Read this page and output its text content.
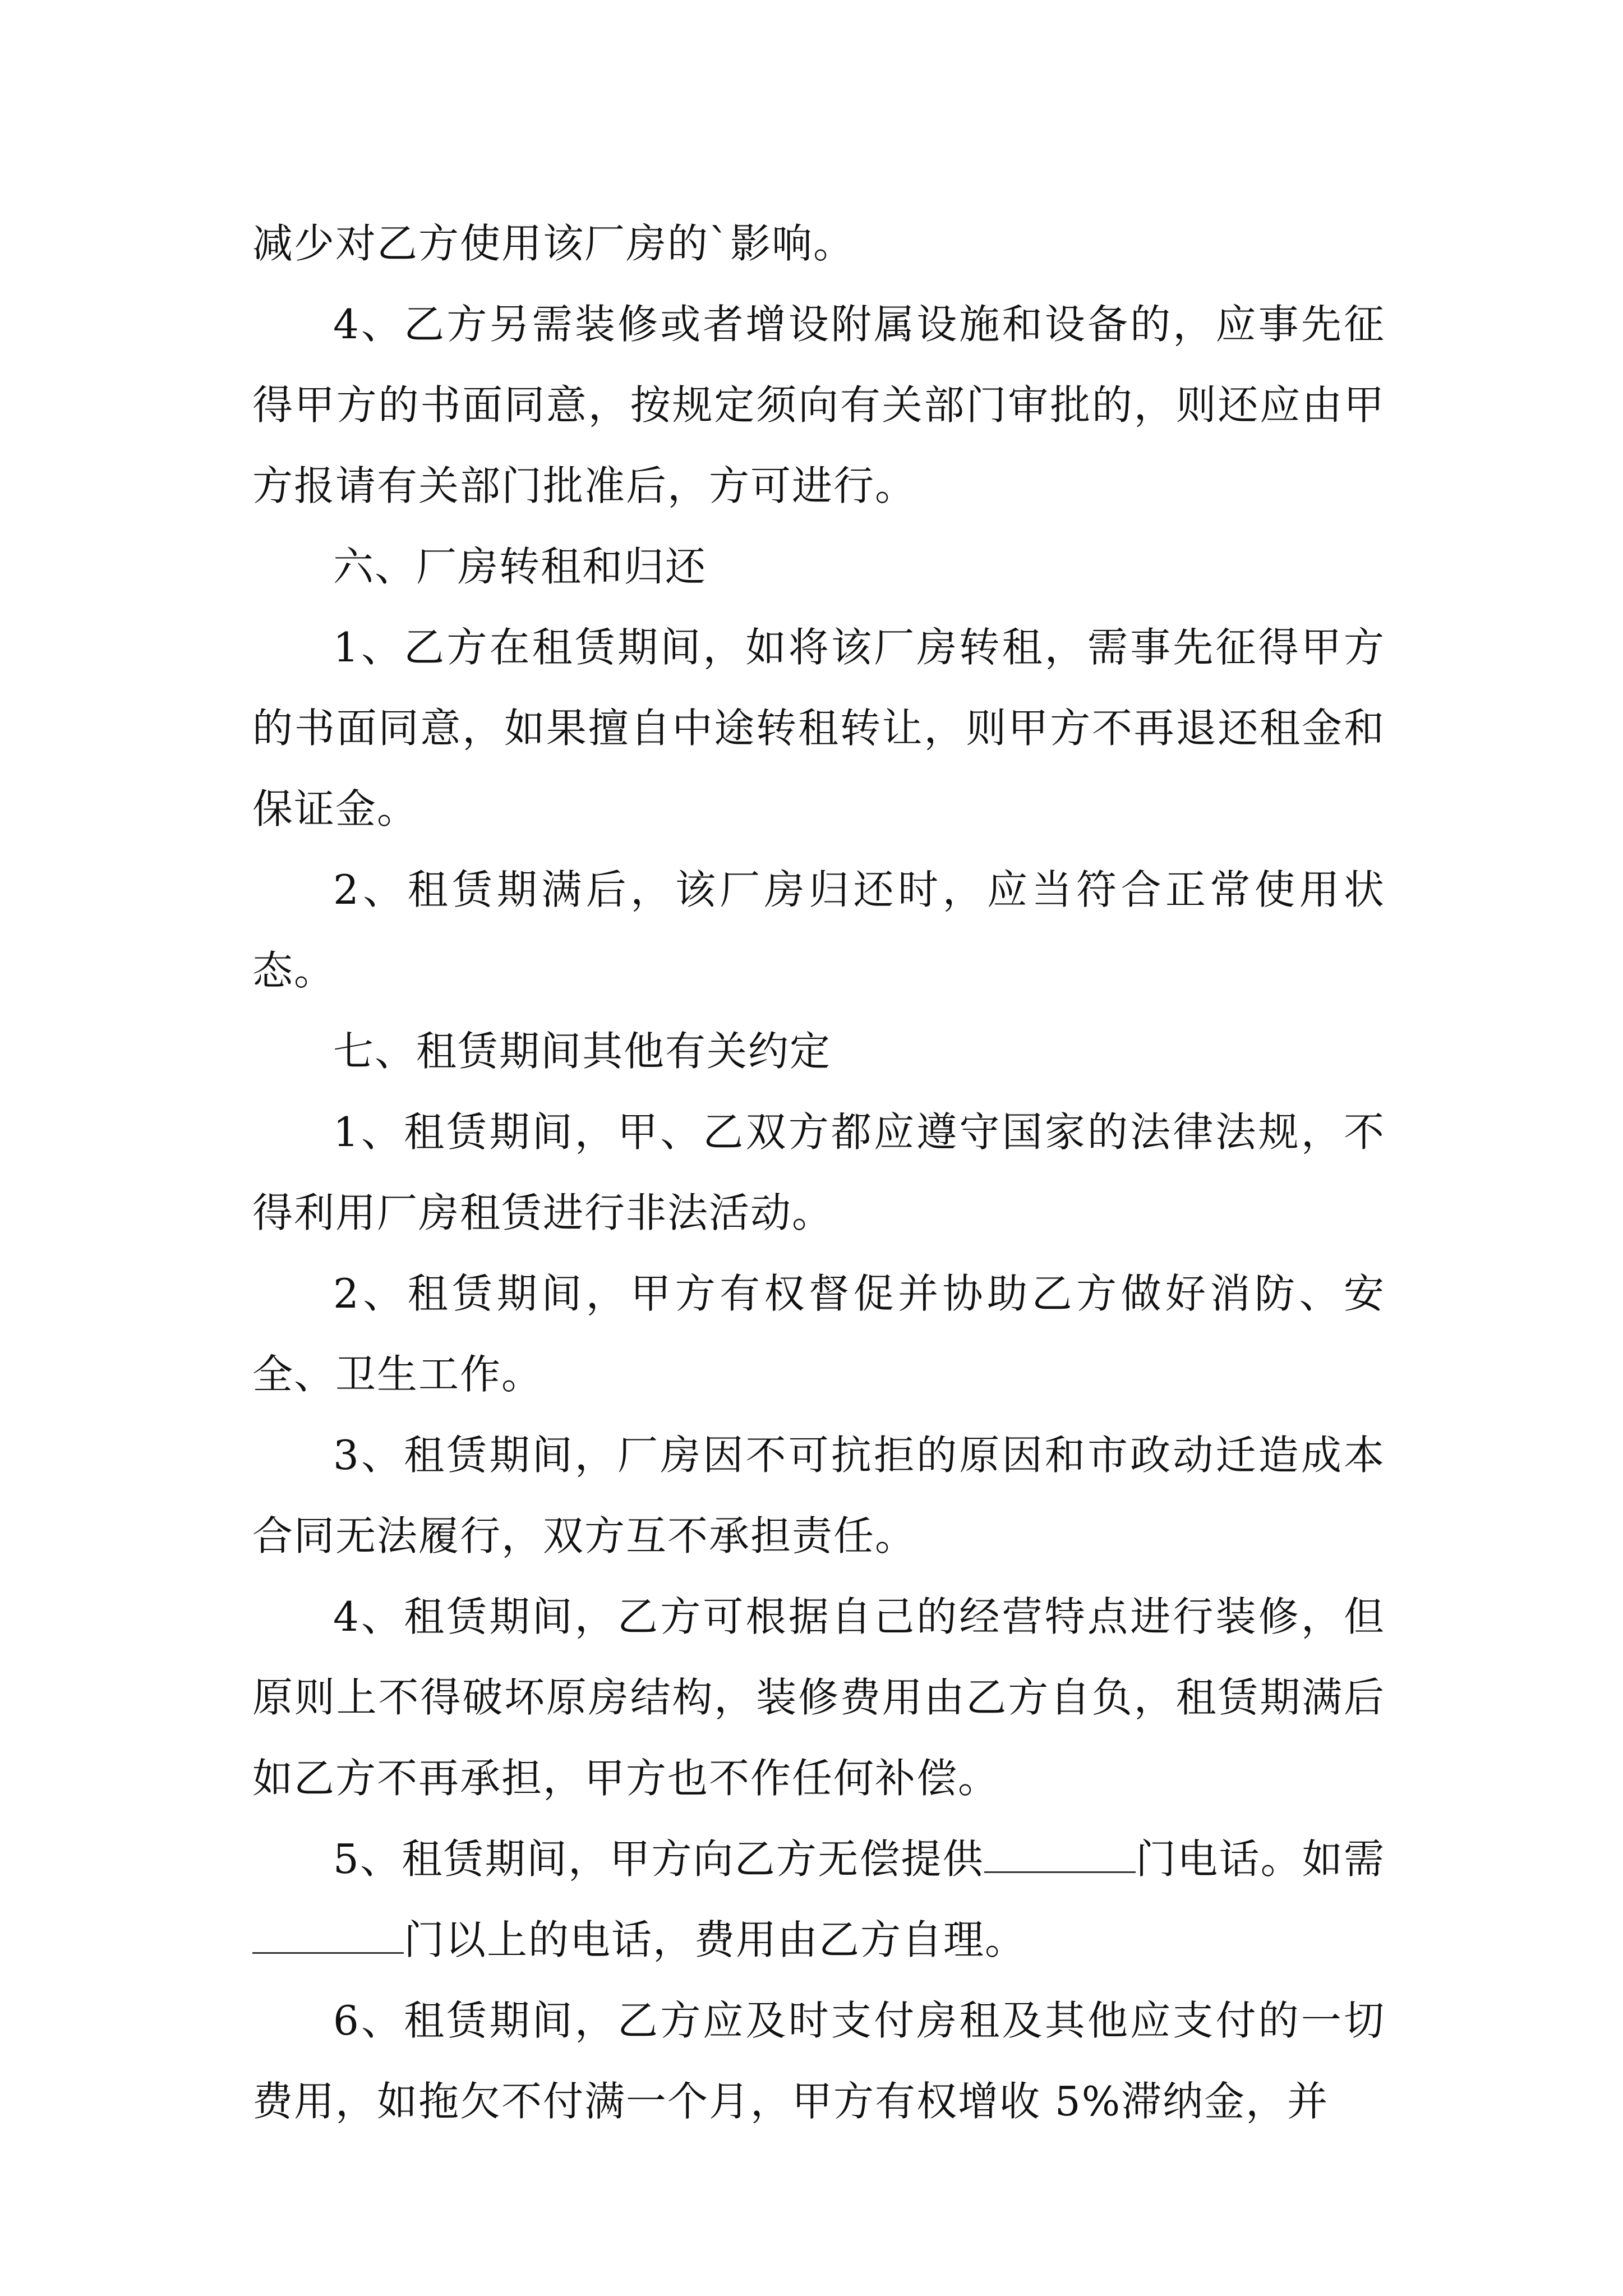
减少对乙方使用该厂房的`影响。

4、乙方另需装修或者增设附属设施和设备的，应事先征得甲方的书面同意，按规定须向有关部门审批的，则还应由甲方报请有关部门批准后，方可进行。

六、厂房转租和归还

1、乙方在租赁期间，如将该厂房转租，需事先征得甲方的书面同意，如果擅自中途转租转让，则甲方不再退还租金和保证金。

2、租赁期满后，该厂房归还时，应当符合正常使用状态。

七、租赁期间其他有关约定

1、租赁期间，甲、乙双方都应遵守国家的法律法规，不得利用厂房租赁进行非法活动。

2、租赁期间，甲方有权督促并协助乙方做好消防、安全、卫生工作。

3、租赁期间，厂房因不可抗拒的原因和市政动迁造成本合同无法履行，双方互不承担责任。

4、租赁期间，乙方可根据自己的经营特点进行装修，但原则上不得破坏原房结构，装修费用由乙方自负，租赁期满后如乙方不再承担，甲方也不作任何补偿。

5、租赁期间，甲方向乙方无偿提供	门电话。如需门以上的电话，费用由乙方自理。

6、租赁期间，乙方应及时支付房租及其他应支付的一切费用，如拖欠不付满一个月，甲方有权增收 5%滞纳金，并
